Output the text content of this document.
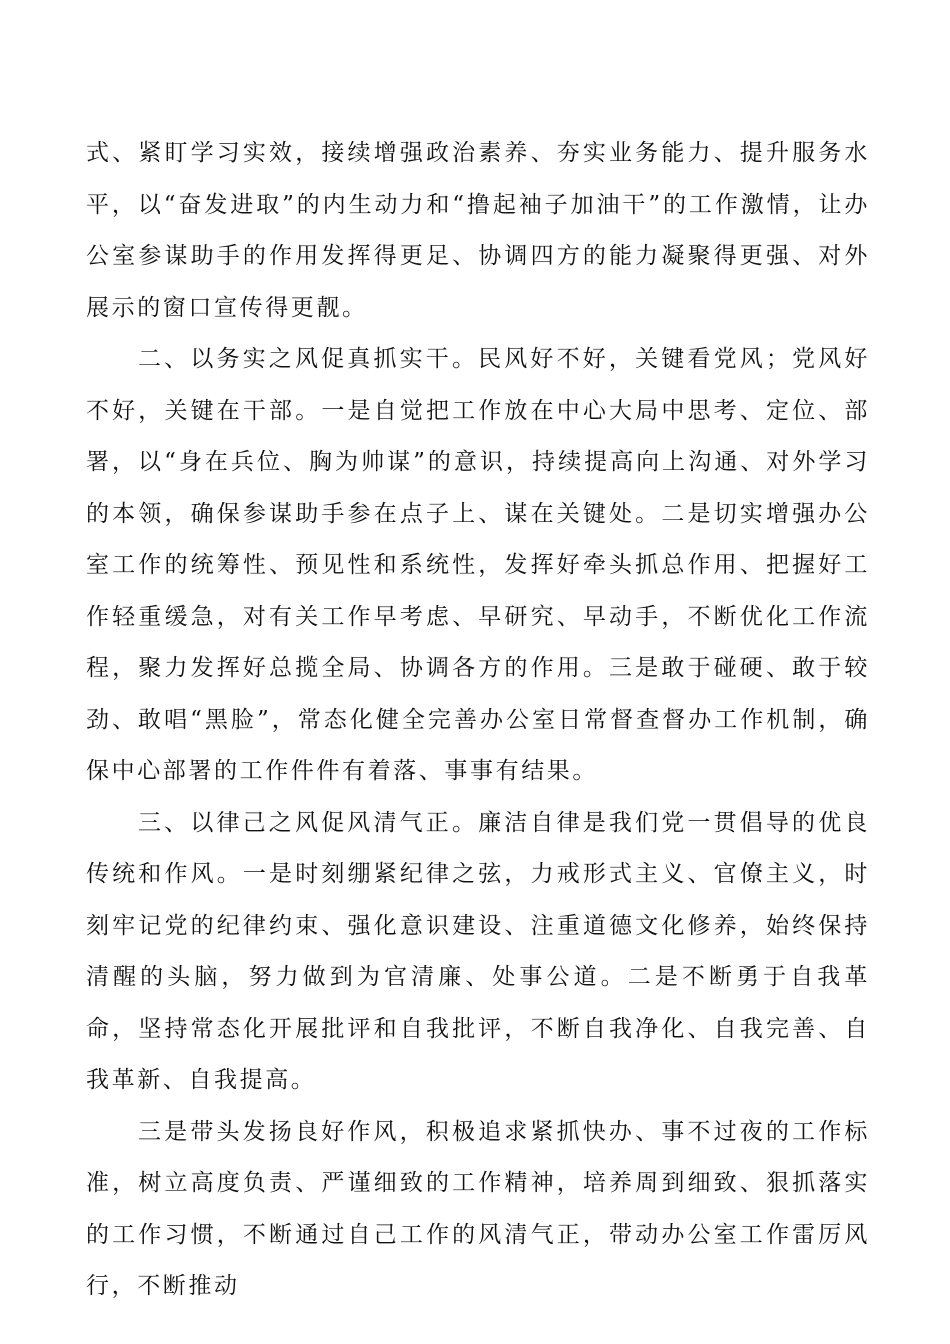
式、紧盯学习实效，接续增强政治素养、夯实业务能力、提升服务水平，以“奋发进取”的内生动力和“撸起袖子加油干”的工作激情，让办公室参谋助手的作用发挥得更足、协调四方的能力凝聚得更强、对外展示的窗口宣传得更靓。

二、以务实之风促真抓实干。民风好不好，关键看党风；党风好不好，关键在干部。一是自觉把工作放在中心大局中思考、定位、部署，以“身在兵位、胸为帅谋”的意识，持续提高向上沟通、对外学习的本领，确保参谋助手参在点子上、谋在关键处。二是切实增强办公室工作的统筹性、预见性和系统性，发挥好牵头抓总作用、把握好工作轻重缓急，对有关工作早考虑、早研究、早动手，不断优化工作流程，聚力发挥好总揽全局、协调各方的作用。三是敢于碰硬、敢于较劲、敢唱“黑脸”，常态化健全完善办公室日常督查督办工作机制，确保中心部署的工作件件有着落、事事有结果。

三、以律己之风促风清气正。廉洁自律是我们党一贯倡导的优良传统和作风。一是时刻绷紧纪律之弦，力戒形式主义、官僚主义，时刻牢记党的纪律约束、强化意识建设、注重道德文化修养，始终保持清醒的头脑，努力做到为官清廉、处事公道。二是不断勇于自我革命，坚持常态化开展批评和自我批评，不断自我净化、自我完善、自我革新、自我提高。

三是带头发扬良好作风，积极追求紧抓快办、事不过夜的工作标准，树立高度负责、严谨细致的工作精神，培养周到细致、狠抓落实的工作习惯，不断通过自己工作的风清气正，带动办公室工作雷厉风行，不断推动
